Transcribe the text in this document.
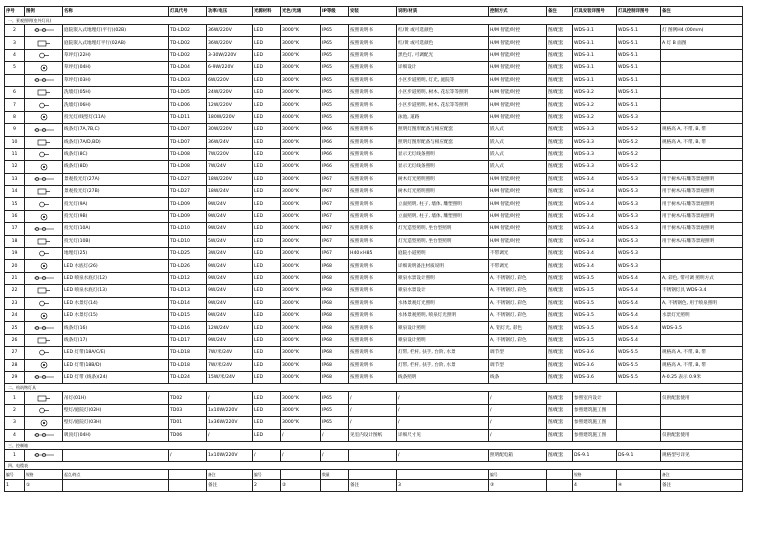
序号	图例	名称	灯具代号	功率/电压	光源材料	光色/光通	IP等级	安装	说明/材质	控制方式	备注	灯具安装详图号	灯具控制详图号	备注
一、景观照明(室外灯具)														
2		庭院嵌入式地埋灯(平行)(02B)	TD-LD02	36W/220V	LED	3000°K	IP65	按照说明书	红/黄 或可选颜色	H/M 智能/时控	图/配套	WDS-3.1	WDS-5.1	灯 图例H4 (00mm)
3		庭院嵌入式地埋灯平行(02AB)	TD-LD02	36W/220V	LED	3000°K	IP65	按照说明书	红/黄 或可选颜色	H/M 智能/时控	图/配套	WDS-3.1	WDS-5.1	A 灯 B 面图
4		草坪灯(22H)	TD-LD02	3-30W/220V	LED	3000°K	IP65	按照说明书	黑色灯, 可调配光	H/M 智能/时控	图/配套	WDS-3.1	WDS-5.1	
5		草坪灯(04H)	TD-LD04	6-9W/220V	LED	3000°K	IP65	按照说明书	详细设计	H/M 智能/时控	图/配套	WDS-3.1	WDS-5.1	
		草坪灯(03H)	TD-LD03	6W/220V	LED	3000°K	IP65	按照说明书	小区步道照明, 灯光, 庭院等	H/M 智能/时控	图/配套	WDS-3.1	WDS-5.1	
6		洗墙灯(05H)	TD-LD05	24W/220V	LED	3000°K	IP65	按照说明书	小区步道照明, 树木, 花坛等等照明	H/M 智能/时控	图/配套	WDS-3.2	WDS-5.1	
7		洗墙灯(06H)	TD-LD06	12W/220V	LED	3000°K	IP65	按照说明书	小区步道照明, 树木, 花坛等等照明	H/M 智能/时控	图/配套	WDS-3.2	WDS-5.1	
8		投光灯/线型灯(11A)	TD-LD11	180W/220V	LED	4000°K	IP65	按照说明书	泳池, 道路	H/M 智能/时控	图/配套	WDS-3.2	WDS-5.3	
9		线条灯(7A,7B,C)	TD-LD07	30W/220V	LED	3000°K	IP66	按照说明书	照明灯图形配备与相应配套	嵌入式	图/配套	WDS-3.3	WDS-5.2	规格高 A, 不带, B, 带
10		线条灯(7A/D,BD)	TD-LD07	36W/24V	LED	3000°K	IP66	按照说明书	照明灯图形配备与相应配套	嵌入式	图/配套	WDS-3.3	WDS-5.2	规格高 A, 不带, B, 带
11		线条灯(8C)	TD-LD08	7W/220V	LED	3000°K	IP66	按照说明书	显示无灯线条照明	嵌入式	图/配套	WDS-3.3	WDS-5.2	
12		线条灯(8D)	TD-LD08	7W/24V	LED	3000°K	IP66	按照说明书	显示无灯线条照明	嵌入式	图/配套	WDS-3.3	WDS-5.2	
13		景观投光灯(27A)	TD-LD27	18W/220V	LED	3000°K	IP67	按照说明书	树木灯光照明照明	H/M 智能/时控	图/配套	WDS-3.4	WDS-5.3	用于树木/石雕等景观照明
14		景观投光灯(27B)	TD-LD27	18W/24V	LED	3000°K	IP67	按照说明书	树木灯光照明照明	H/M 智能/时控	图/配套	WDS-3.4	WDS-5.3	用于树木/石雕等景观照明
15		投光灯(9A)	TD-LD09	9W/24V	LED	3000°K	IP67	按照说明书	立面照明, 柱子, 墙体, 雕塑照明	H/M 智能/时控	图/配套	WDS-3.4	WDS-5.3	用于树木/石雕等景观照明
16		投光灯(9B)	TD-LD09	9W/24V	LED	3000°K	IP67	按照说明书	立面照明, 柱子, 墙体, 雕塑照明	H/M 智能/时控	图/配套	WDS-3.4	WDS-5.3	用于树木/石雕等景观照明
17		投光灯(10A)	TD-LD10	9W/24V	LED	3000°K	IP67	按照说明书	灯光造型照明, 坐台型照明	H/M 智能/时控	图/配套	WDS-3.4	WDS-5.3	用于树木/石雕等景观照明
18		投光灯(10B)	TD-LD10	5W/24V	LED	3000°K	IP67	按照说明书	灯光造型照明, 坐台型照明	H/M 智能/时控	图/配套	WDS-3.4	WDS-5.3	用于树木/石雕等景观照明
19		地埋灯(25)	TD-LD25	3W/24V	LED	3000°K	IP67	H40×H85	庭院小道照明	不带调光	图/配套	WDS-3.4	WDS-5.3	
20		LED 水底灯(26)	TD-LD26	9W/24V	LED	3000°K	IP68	按照说明书	详细说明备注材质说明	不带调光	图/配套	WDS-3.4	WDS-5.3	
21		LED 喷泉水底灯(12)	TD-LD12	9W/24V	LED	3000°K	IP68	按照说明书	喷泉水景设计照明	A, 不锈钢灯, 彩色	图/配套	WDS-3.5	WDS-5.4	A, 彩色, 带可调 照明方式
22		LED 喷泉水底灯(13)	TD-LD13	9W/24V	LED	3000°K	IP68	按照说明书	喷泉水景设计	A, 不锈钢灯, 彩色	图/配套	WDS-3.5	WDS-5.4	不锈钢灯具 WDS-3.4
23		LED 水景灯(14)	TD-LD14	9W/24V	LED	3000°K	IP68	按照说明书	水体景观灯光照明	A, 不锈钢灯, 彩色	图/配套	WDS-3.5	WDS-5.4	A, 不锈钢色, 用于喷泉照明
24		LED 水景灯(15)	TD-LD15	9W/24V	LED	3000°K	IP68	按照说明书	水体景观照明, 喷泉灯光照明	A, 不锈钢灯, 彩色	图/配套	WDS-3.5	WDS-5.4	水景灯光照明
25		线条灯(16)	TD-LD16	12W/24V	LED	3000°K	IP68	按照说明书	喷泉设计照明	A, 铝灯光, 彩色	图/配套	WDS-3.5	WDS-5.4	WDS-3.5
26		线条灯(17)	TD-LD17	9W/24V	LED	3000°K	IP68	按照说明书	喷泉设计照明	A, 不锈钢灯, 彩色	图/配套	WDS-3.5	WDS-5.4	
27		LED 灯带(18A/C/E)	TD-LD18	7W/米/24V	LED	3000°K	IP68	按照说明书	灯带, 栏杆, 扶手, 台阶, 水景	调节型	图/配套	WDS-3.6	WDS-5.5	规格高 A, 不带, B, 带
28		LED 灯带(18B/D)	TD-LD18	7W/米/24V	LED	3000°K	IP68	按照说明书	灯带, 栏杆, 扶手, 台阶, 水景	调节型	图/配套	WDS-3.6	WDS-5.5	规格高 A, 不带, B, 带
29		LED 灯带 (线条)(24)	TD-LD24	15W/米/24V	LED	3000°K	IP68	按照说明书	线条照明	线条	图/配套	WDS-3.6	WDS-5.5	A-0.25 表示 0.9米
二、构筑物灯具														
1		吊灯(01H)	TD02	/	LED	3000°K	IP65	/	/	/	图/配套	参照室内设计		仅供配套使用
2		壁灯/庭院灯(02H)	TD03	1x10W/220V	LED	3000°K	IP65	/	/	/	图/配套	参照建筑施工图		
3		壁灯/庭院灯(03H)	TD01	1x36W/220V	LED	3000°K	IP65	/	/	/	图/配套	参照建筑施工图		
4		吸顶灯(04H)	TD06	/	LED	/	/	见室内设计图纸	详细尺寸见	/	图/配套	参照建筑施工图		仅供配套使用
三、控制箱														
1			/	1x10W/220V	/	/	/		/	照明配电箱	图/配套	DS-9.1	DS-9.1	规格型号详见
四、电缆表														
编号	规格	起点/终点		备注	编号		数量			编号		规格		备注
1	①			备注	2	②		备注	3	③		4	④	备注
